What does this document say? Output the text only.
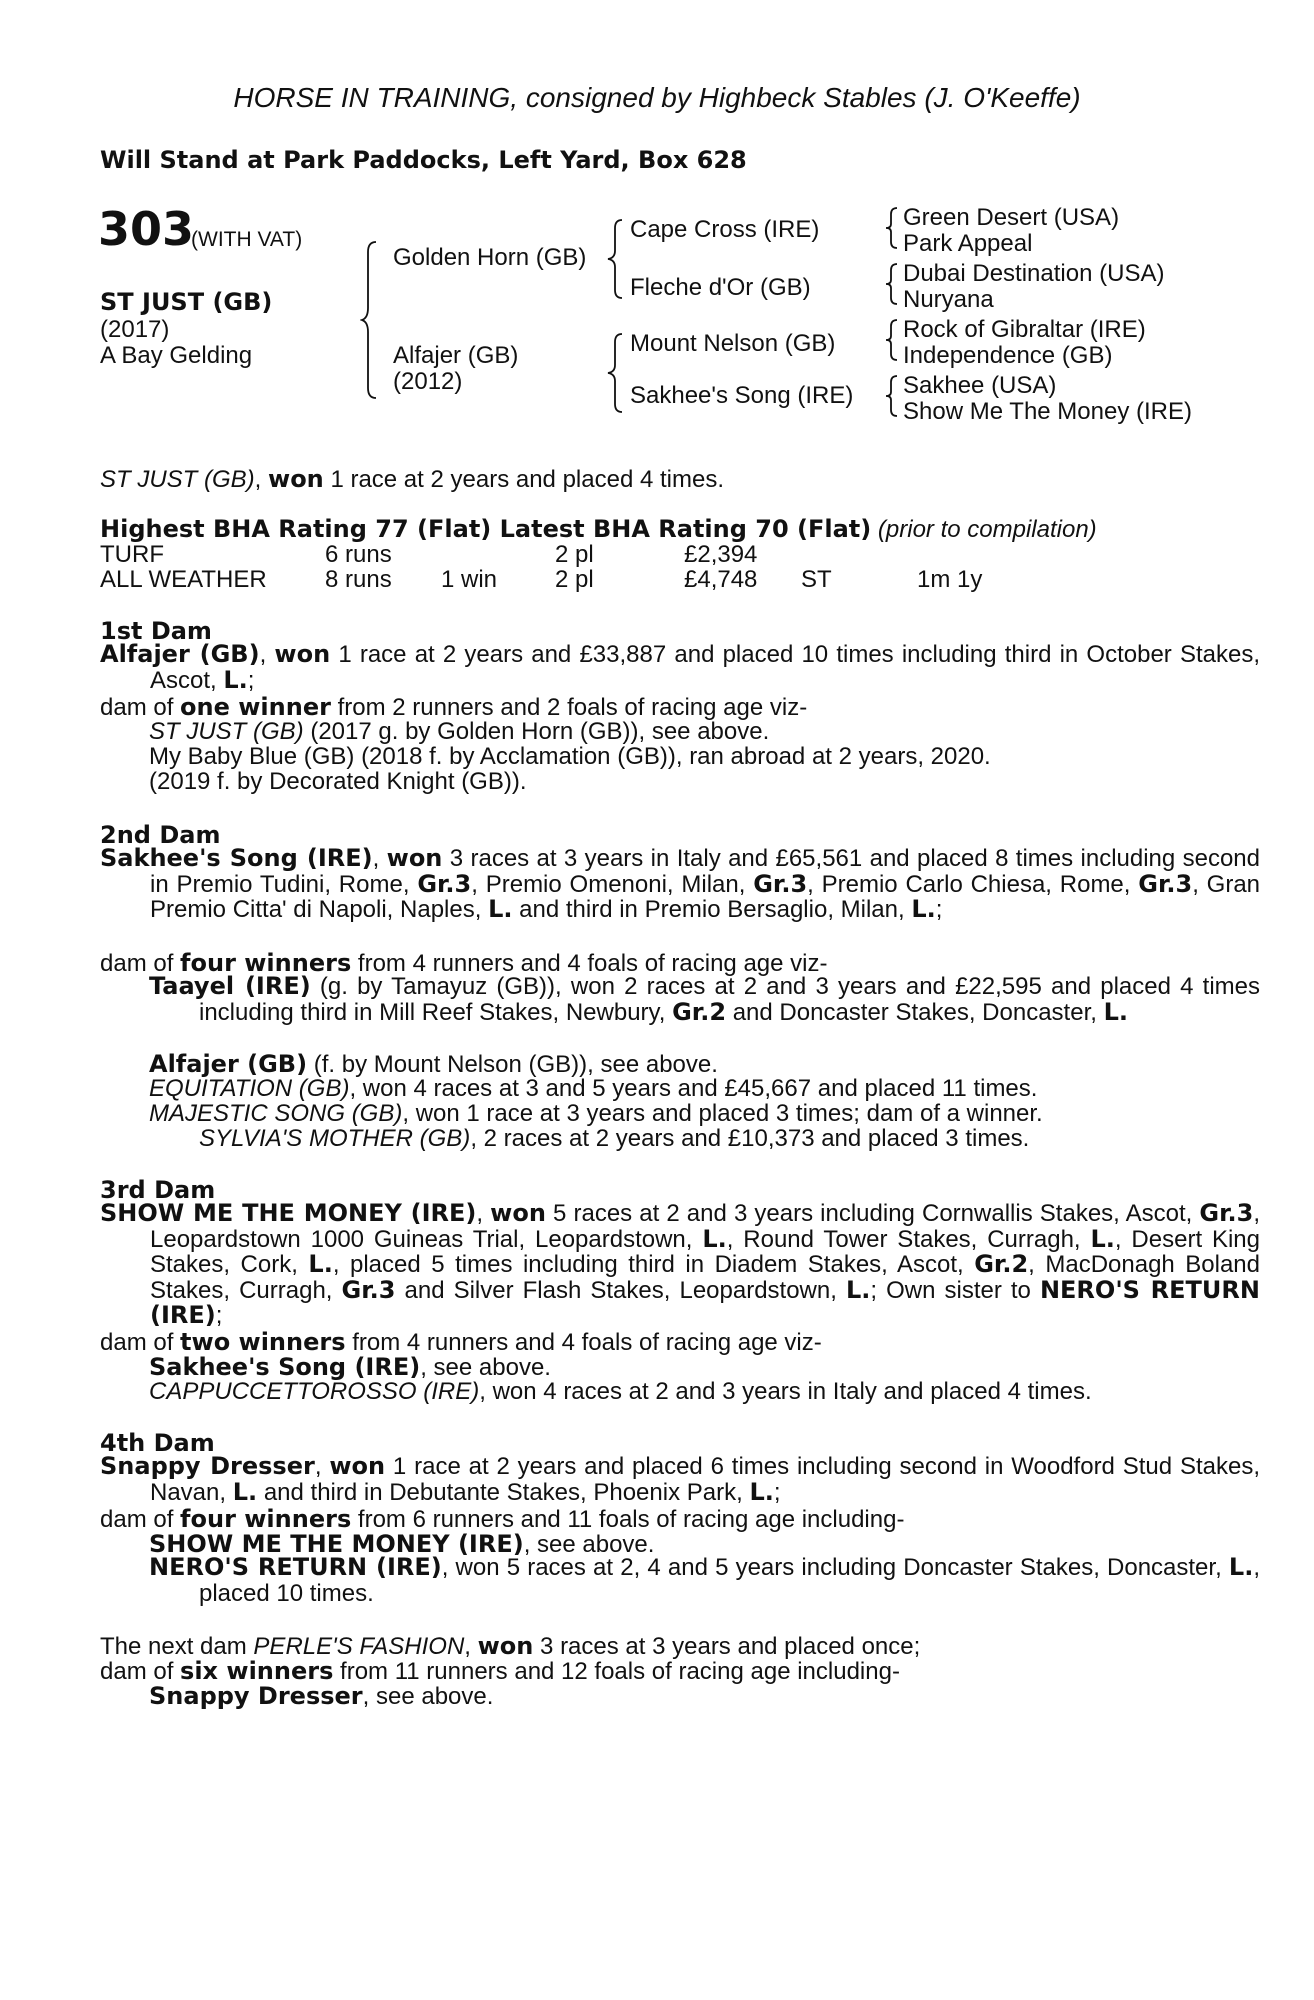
HORSE IN TRAINING, consigned by Highbeck Stables (J. O'Keeffe)
Will Stand at Park Paddocks, Left Yard, Box 628
303
(WITH VAT)
ST JUST (GB)
(2017)
A Bay Gelding
Golden Horn (GB)
Alfajer (GB)
(2012)
Cape Cross (IRE)
Fleche d'Or (GB)
Mount Nelson (GB)
Sakhee's Song (IRE)
Green Desert (USA)
Park Appeal
Dubai Destination (USA)
Nuryana
Rock of Gibraltar (IRE)
Independence (GB)
Sakhee (USA)
Show Me The Money (IRE)
ST JUST (GB), won 1 race at 2 years and placed 4 times.
Highest BHA Rating 77 (Flat) Latest BHA Rating 70 (Flat) (prior to compilation)
TURF	6 runs	2 pl	£2,394
ALL WEATHER 8 runs 1 win 2 pl	£4,748 ST	1m 1y
1st Dam
Alfajer (GB), won 1 race at 2 years and £33,887 and placed 10 times including third in October Stakes, Ascot, L.;
dam of one winner from 2 runners and 2 foals of racing age viz-
ST JUST (GB) (2017 g. by Golden Horn (GB)), see above.
My Baby Blue (GB) (2018 f. by Acclamation (GB)), ran abroad at 2 years, 2020.
(2019 f. by Decorated Knight (GB)).
2nd Dam
Sakhee's Song (IRE), won 3 races at 3 years in Italy and £65,561 and placed 8 times including second in Premio Tudini, Rome, Gr.3, Premio Omenoni, Milan, Gr.3, Premio Carlo Chiesa, Rome, Gr.3, Gran Premio Citta' di Napoli, Naples, L. and third in Premio Bersaglio, Milan, L.;
dam of four winners from 4 runners and 4 foals of racing age viz-
Taayel (IRE) (g. by Tamayuz (GB)), won 2 races at 2 and 3 years and £22,595 and placed 4 times including third in Mill Reef Stakes, Newbury, Gr.2 and Doncaster Stakes, Doncaster, L.
Alfajer (GB) (f. by Mount Nelson (GB)), see above.
EQUITATION (GB), won 4 races at 3 and 5 years and £45,667 and placed 11 times.
MAJESTIC SONG (GB), won 1 race at 3 years and placed 3 times; dam of a winner.
SYLVIA'S MOTHER (GB), 2 races at 2 years and £10,373 and placed 3 times.
3rd Dam
SHOW ME THE MONEY (IRE), won 5 races at 2 and 3 years including Cornwallis Stakes, Ascot, Gr.3, Leopardstown 1000 Guineas Trial, Leopardstown, L., Round Tower Stakes, Curragh, L., Desert King Stakes, Cork, L., placed 5 times including third in Diadem Stakes, Ascot, Gr.2, MacDonagh Boland Stakes, Curragh, Gr.3 and Silver Flash Stakes, Leopardstown, L.; Own sister to NERO'S RETURN (IRE);
dam of two winners from 4 runners and 4 foals of racing age viz-
Sakhee's Song (IRE), see above.
CAPPUCCETTOROSSO (IRE), won 4 races at 2 and 3 years in Italy and placed 4 times.
4th Dam
Snappy Dresser, won 1 race at 2 years and placed 6 times including second in Woodford Stud Stakes, Navan, L. and third in Debutante Stakes, Phoenix Park, L.;
dam of four winners from 6 runners and 11 foals of racing age including-
SHOW ME THE MONEY (IRE), see above.
NERO'S RETURN (IRE), won 5 races at 2, 4 and 5 years including Doncaster Stakes, Doncaster, L., placed 10 times.
The next dam PERLE'S FASHION, won 3 races at 3 years and placed once;
dam of six winners from 11 runners and 12 foals of racing age including-
Snappy Dresser, see above.
